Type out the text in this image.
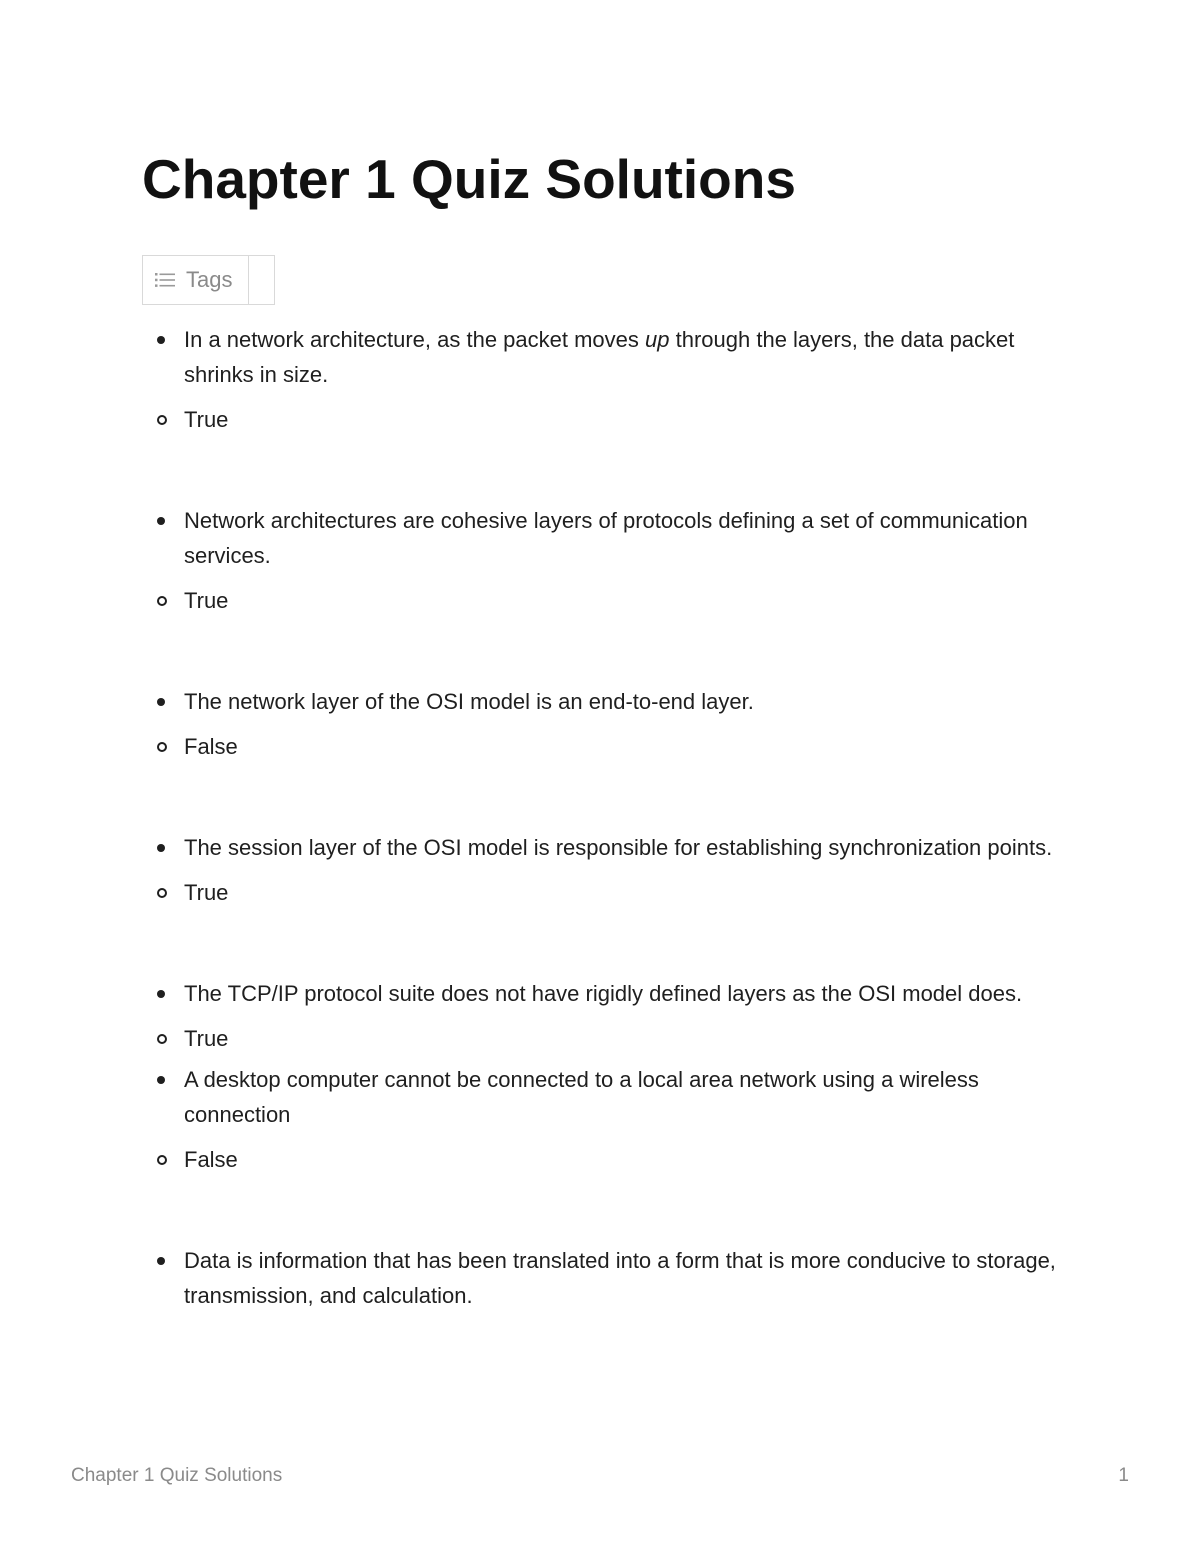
Chapter 1 Quiz Solutions
Tags
In a network architecture, as the packet moves up through the layers, the data packet shrinks in size.
True
Network architectures are cohesive layers of protocols defining a set of communication services.
True
The network layer of the OSI model is an end-to-end layer.
False
The session layer of the OSI model is responsible for establishing synchronization points.
True
The TCP/IP protocol suite does not have rigidly defined layers as the OSI model does.
True
A desktop computer cannot be connected to a local area network using a wireless connection
False
Data is information that has been translated into a form that is more conducive to storage, transmission, and calculation.
Chapter 1 Quiz Solutions	1
